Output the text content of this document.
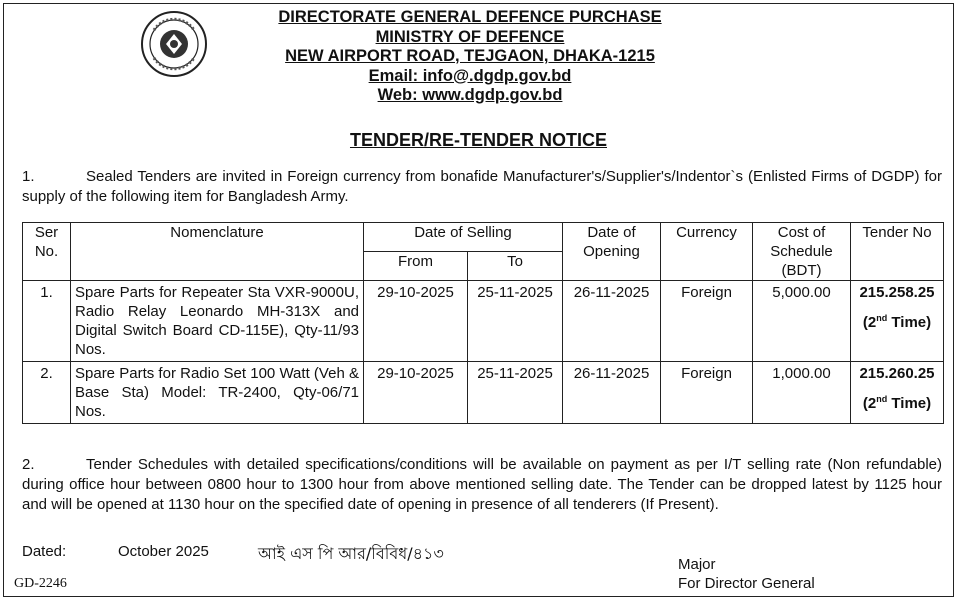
DIRECTORATE GENERAL DEFENCE PURCHASE
MINISTRY OF DEFENCE
NEW AIRPORT ROAD, TEJGAON, DHAKA-1215
Email: info@.dgdp.gov.bd
Web: www.dgdp.gov.bd
TENDER/RE-TENDER NOTICE
1.	Sealed Tenders are invited in Foreign currency from bonafide Manufacturer's/Supplier's/Indentor`s (Enlisted Firms of DGDP) for supply of the following item for Bangladesh Army.
Ser No.	Nomenclature	Date of Selling		Date of Opening	Currency	Cost of Schedule (BDT)	Tender No
		From	To				
1.	Spare Parts for Repeater Sta VXR-9000U, Radio Relay Leonardo MH-313X and Digital Switch Board CD-115E), Qty-11/93 Nos.	29-10-2025	25-11-2025	26-11-2025	Foreign	5,000.00	215.258.25
(2nd Time)

2.	Spare Parts for Radio Set 100 Watt (Veh & Base Sta) Model: TR-2400, Qty-06/71 Nos.	29-10-2025	25-11-2025	26-11-2025	Foreign	1,000.00	215.260.25
(2nd Time)
2.	Tender Schedules with detailed specifications/conditions will be available on payment as per I/T selling rate (Non refundable) during office hour between 0800 hour to 1300 hour from above mentioned selling date. The Tender can be dropped latest by 1125 hour and will be opened at 1130 hour on the specified date of opening in presence of all tenderers (If Present).
Dated:	October 2025	আই এস পি আর/বিবিধ/৪১৩
Major
For Director General
GD-2246
